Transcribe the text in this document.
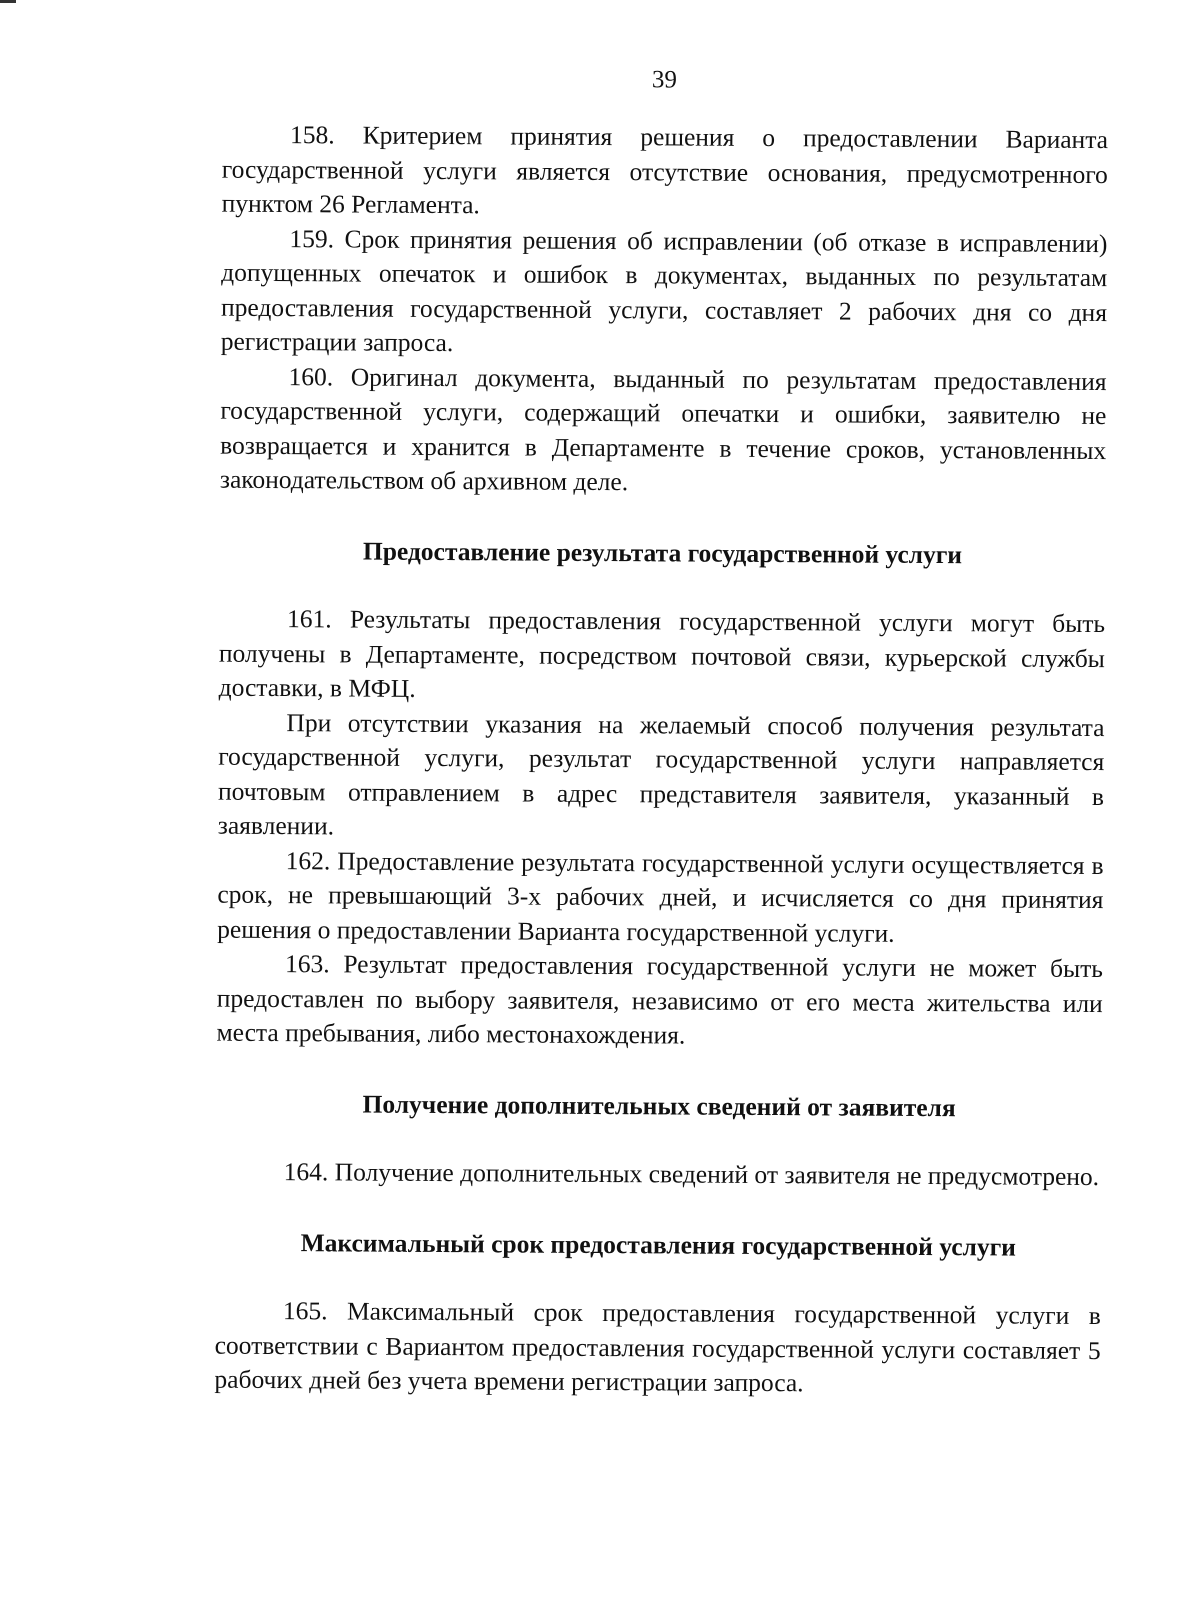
39

158. Критерием принятия решения о предоставлении Варианта государственной услуги является отсутствие основания, предусмотренного пунктом 26 Регламента.

159. Срок принятия решения об исправлении (об отказе в исправлении) допущенных опечаток и ошибок в документах, выданных по результатам предоставления государственной услуги, составляет 2 рабочих дня со дня регистрации запроса.

160. Оригинал документа, выданный по результатам предоставления государственной услуги, содержащий опечатки и ошибки, заявителю не возвращается и хранится в Департаменте в течение сроков, установленных законодательством об архивном деле.

Предоставление результата государственной услуги

161. Результаты предоставления государственной услуги могут быть получены в Департаменте, посредством почтовой связи, курьерской службы доставки, в МФЦ.

При отсутствии указания на желаемый способ получения результата государственной услуги, результат государственной услуги направляется почтовым отправлением в адрес представителя заявителя, указанный в заявлении.

162. Предоставление результата государственной услуги осуществляется в срок, не превышающий 3-х рабочих дней, и исчисляется со дня принятия решения о предоставлении Варианта государственной услуги.

163. Результат предоставления государственной услуги не может быть предоставлен по выбору заявителя, независимо от его места жительства или места пребывания, либо местонахождения.

Получение дополнительных сведений от заявителя

164. Получение дополнительных сведений от заявителя не предусмотрено.

Максимальный срок предоставления государственной услуги

165. Максимальный срок предоставления государственной услуги в соответствии с Вариантом предоставления государственной услуги составляет 5 рабочих дней без учета времени регистрации запроса.
